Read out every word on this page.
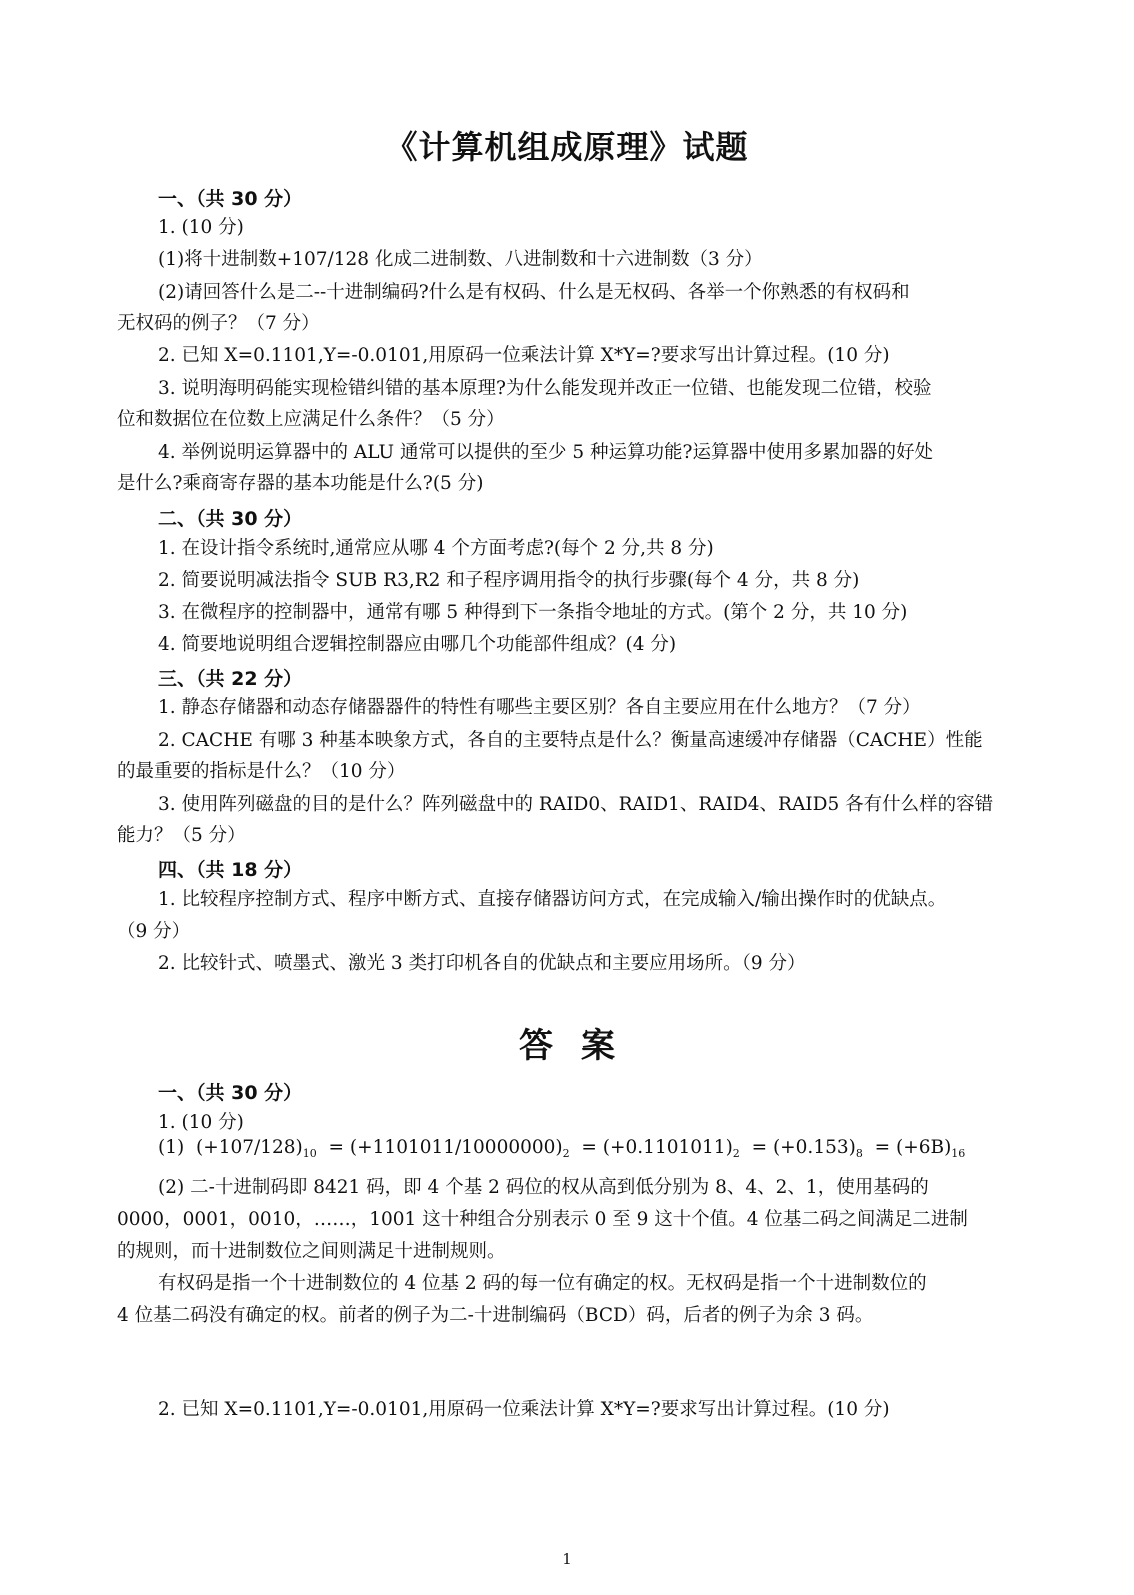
《计算机组成原理》试题
一、（共 30 分）
1. (10 分)
(1)将十进制数+107/128 化成二进制数、八进制数和十六进制数（3 分）
(2)请回答什么是二--十进制编码?什么是有权码、什么是无权码、各举一个你熟悉的有权码和
无权码的例子？（7 分）
2. 已知 X=0.1101,Y=-0.0101,用原码一位乘法计算 X*Y=?要求写出计算过程。(10 分)
3. 说明海明码能实现检错纠错的基本原理?为什么能发现并改正一位错、也能发现二位错，校验
位和数据位在位数上应满足什么条件？（5 分）
4. 举例说明运算器中的 ALU 通常可以提供的至少 5 种运算功能?运算器中使用多累加器的好处
是什么?乘商寄存器的基本功能是什么?(5 分)
二、（共 30 分）
1. 在设计指令系统时,通常应从哪 4 个方面考虑?(每个 2 分,共 8 分)
2. 简要说明减法指令 SUB R3,R2 和子程序调用指令的执行步骤(每个 4 分，共 8 分)
3. 在微程序的控制器中，通常有哪 5 种得到下一条指令地址的方式。(第个 2 分，共 10 分)
4. 简要地说明组合逻辑控制器应由哪几个功能部件组成？(4 分)
三、（共 22 分）
1. 静态存储器和动态存储器器件的特性有哪些主要区别？各自主要应用在什么地方？（7 分）
2. CACHE 有哪 3 种基本映象方式，各自的主要特点是什么？衡量高速缓冲存储器（CACHE）性能
的最重要的指标是什么？（10 分）
3. 使用阵列磁盘的目的是什么？阵列磁盘中的 RAID0、RAID1、RAID4、RAID5 各有什么样的容错
能力？（5 分）
四、（共 18 分）
1. 比较程序控制方式、程序中断方式、直接存储器访问方式，在完成输入/输出操作时的优缺点。
（9 分）
2. 比较针式、喷墨式、激光 3 类打印机各自的优缺点和主要应用场所。（9 分）
答案
一、（共 30 分）
1. (10 分)
(1) $(+107/128)_{10} = (+1101011/10000000)_2 = (+0.1101011)_2 = (+0.153)_8 = (+6B)_{16}$
(2) 二-十进制码即 8421 码，即 4 个基 2 码位的权从高到低分别为 8、4、2、1，使用基码的
0000，0001，0010，……，1001 这十种组合分别表示 0 至 9 这十个值。4 位基二码之间满足二进制
的规则，而十进制数位之间则满足十进制规则。
有权码是指一个十进制数位的 4 位基 2 码的每一位有确定的权。无权码是指一个十进制数位的
4 位基二码没有确定的权。前者的例子为二-十进制编码（BCD）码，后者的例子为余 3 码。
2. 已知 X=0.1101,Y=-0.0101,用原码一位乘法计算 X*Y=?要求写出计算过程。(10 分)
1
